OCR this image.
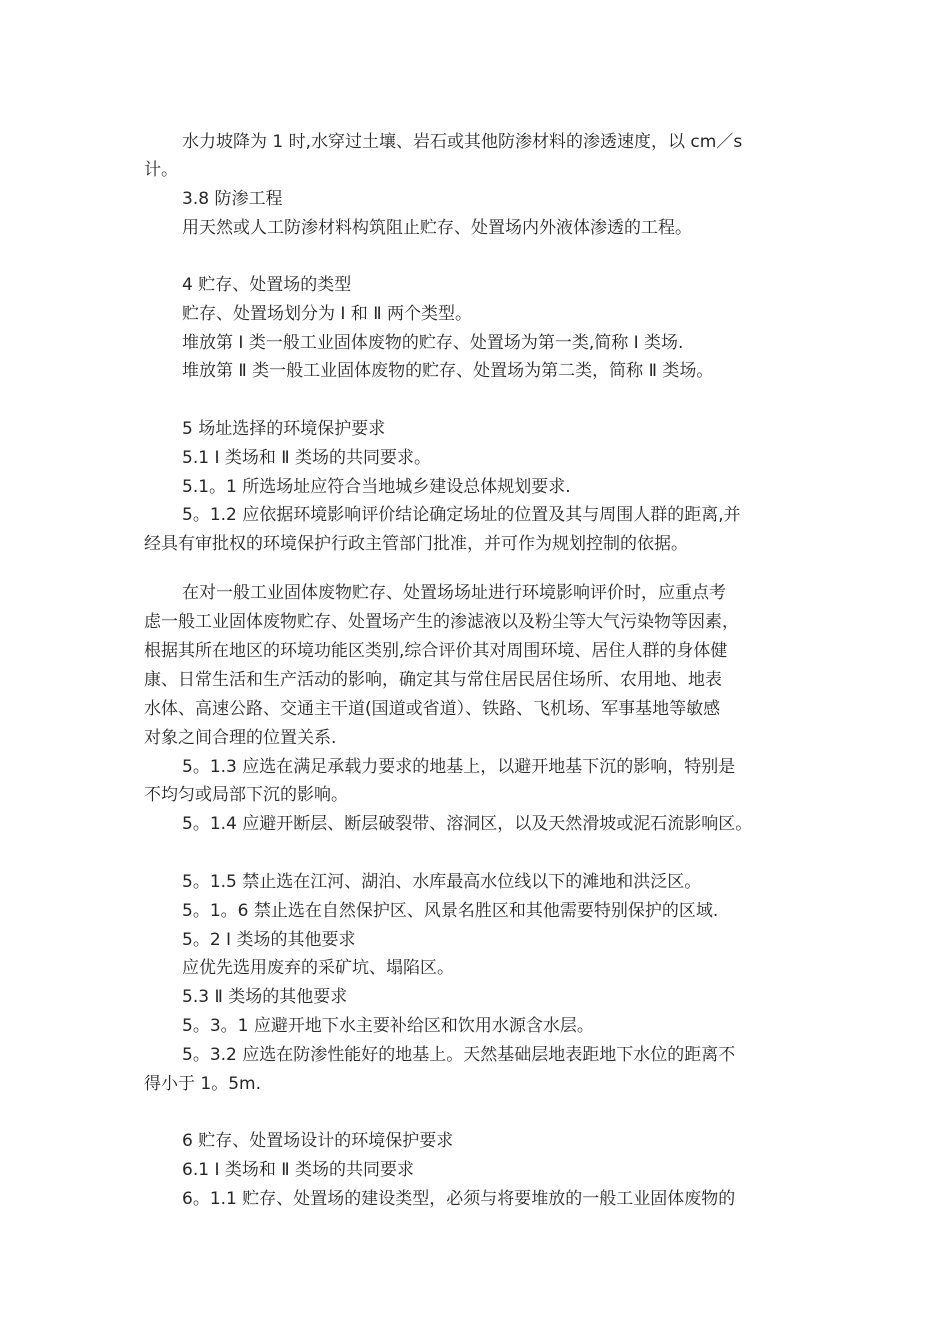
水力坡降为 1 时,水穿过土壤、岩石或其他防渗材料的渗透速度，以 cm／s
计。
3.8 防渗工程
用天然或人工防渗材料构筑阻止贮存、处置场内外液体渗透的工程。
4 贮存、处置场的类型
贮存、处置场划分为 Ⅰ 和 Ⅱ 两个类型。
堆放第 Ⅰ 类一般工业固体废物的贮存、处置场为第一类,简称 Ⅰ 类场.
堆放第 Ⅱ 类一般工业固体废物的贮存、处置场为第二类，简称 Ⅱ 类场。
5 场址选择的环境保护要求
5.1 Ⅰ 类场和 Ⅱ 类场的共同要求。
5.1。1 所选场址应符合当地城乡建设总体规划要求.
5。1.2 应依据环境影响评价结论确定场址的位置及其与周围人群的距离,并
经具有审批权的环境保护行政主管部门批准，并可作为规划控制的依据。
在对一般工业固体废物贮存、处置场场址进行环境影响评价时，应重点考
虑一般工业固体废物贮存、处置场产生的渗滤液以及粉尘等大气污染物等因素，
根据其所在地区的环境功能区类别,综合评价其对周围环境、居住人群的身体健
康、日常生活和生产活动的影响，确定其与常住居民居住场所、农用地、地表
水体、高速公路、交通主干道(国道或省道）、铁路、飞机场、军事基地等敏感
对象之间合理的位置关系.
5。1.3 应选在满足承载力要求的地基上，以避开地基下沉的影响，特别是
不均匀或局部下沉的影响。
5。1.4 应避开断层、断层破裂带、溶洞区，以及天然滑坡或泥石流影响区。
5。1.5 禁止选在江河、湖泊、水库最高水位线以下的滩地和洪泛区。
5。1。6 禁止选在自然保护区、风景名胜区和其他需要特别保护的区域.
5。2 Ⅰ 类场的其他要求
应优先选用废弃的采矿坑、塌陷区。
5.3 Ⅱ 类场的其他要求
5。3。1 应避开地下水主要补给区和饮用水源含水层。
5。3.2 应选在防渗性能好的地基上。天然基础层地表距地下水位的距离不
得小于 1。5m.
6 贮存、处置场设计的环境保护要求
6.1 Ⅰ 类场和 Ⅱ 类场的共同要求
6。1.1 贮存、处置场的建设类型，必须与将要堆放的一般工业固体废物的
